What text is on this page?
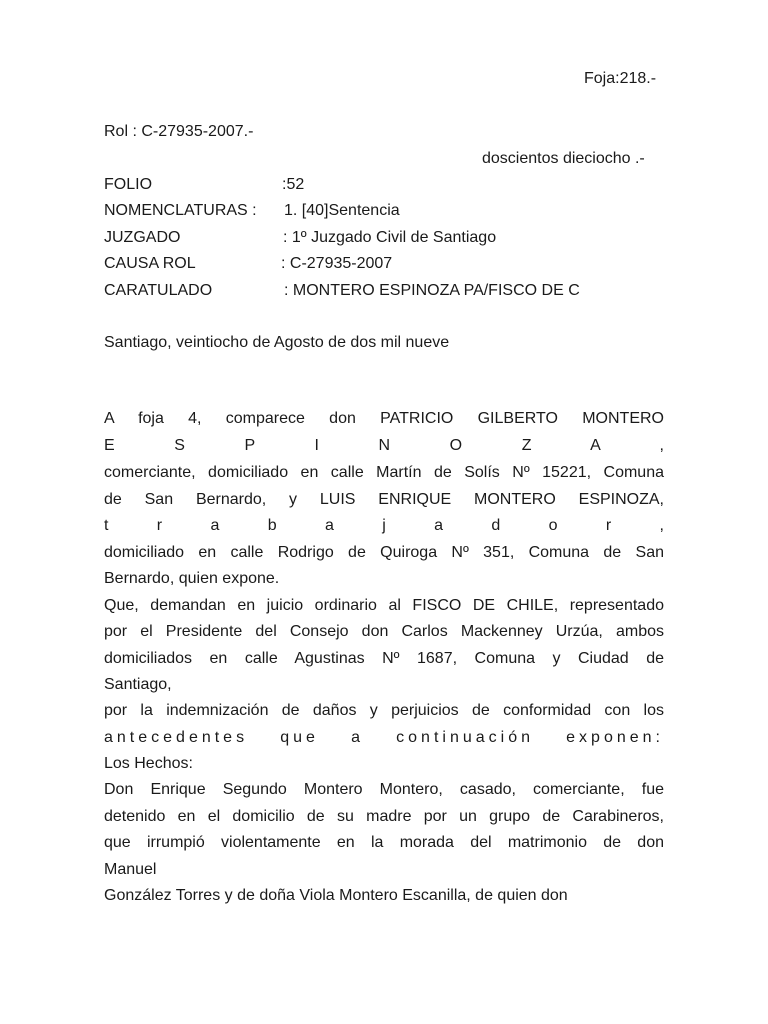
Foja:218.-
Rol : C-27935-2007.-
doscientos dieciocho .-
FOLIO	:52
NOMENCLATURAS : 1. [40]Sentencia
JUZGADO	: 1º Juzgado Civil de Santiago
CAUSA ROL	: C-27935-2007
CARATULADO	: MONTERO ESPINOZA PA/FISCO DE C
Santiago, veintiocho de Agosto de dos mil nueve
A foja 4, comparece don PATRICIO GILBERTO MONTERO
E S P I N O Z A ,
comerciante, domiciliado en calle Martín de Solís Nº 15221, Comuna
de San Bernardo, y LUIS ENRIQUE MONTERO ESPINOZA,
t r a b a j a d o r ,
domiciliado en calle Rodrigo de Quiroga Nº 351, Comuna de San
Bernardo, quien expone.
Que, demandan en juicio ordinario al FISCO DE CHILE, representado
por el Presidente del Consejo don Carlos Mackenney Urzúa, ambos
domiciliados en calle Agustinas Nº 1687, Comuna y Ciudad de
Santiago,
por la indemnización de daños y perjuicios de conformidad con los
antecedentes que a continuación exponen:
Los Hechos:
Don Enrique Segundo Montero Montero, casado, comerciante, fue
detenido en el domicilio de su madre por un grupo de Carabineros,
que irrumpió violentamente en la morada del matrimonio de don
Manuel
González Torres y de doña Viola Montero Escanilla, de quien don
